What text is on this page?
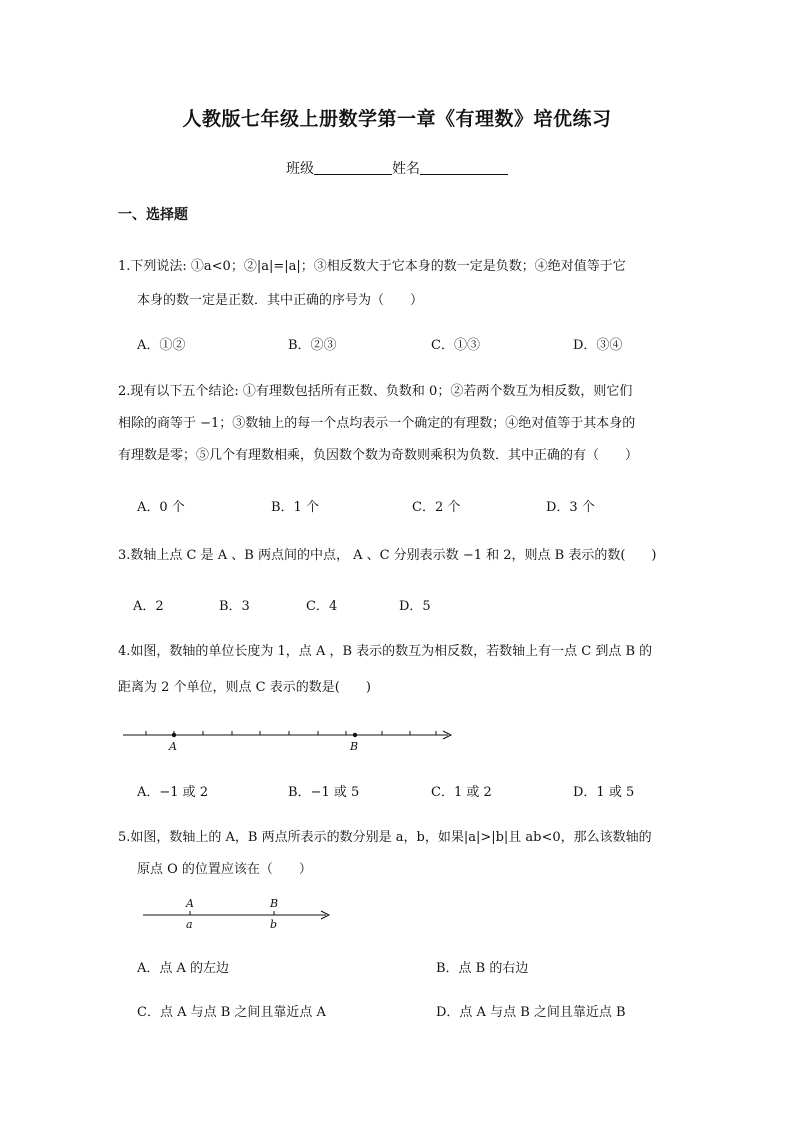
人教版七年级上册数学第一章《有理数》培优练习
班级	姓名
一、选择题
1.下列说法: ①a<0；②|a|=|a|；③相反数大于它本身的数一定是负数；④绝对值等于它
本身的数一定是正数．其中正确的序号为（　　）
A．①②	B．②③	C．①③	D．③④
2.现有以下五个结论: ①有理数包括所有正数、负数和 0；②若两个数互为相反数，则它们
相除的商等于 −1；③数轴上的每一个点均表示一个确定的有理数；④绝对值等于其本身的
有理数是零；⑤几个有理数相乘，负因数个数为奇数则乘积为负数．其中正确的有（　　）
A．0 个	B．1 个	C．2 个	D．3 个
3.数轴上点 C 是 A 、B 两点间的中点， A 、C 分别表示数 −1 和 2，则点 B 表示的数(　　)
A．2	B．3	C．4	D．5
4.如图，数轴的单位长度为 1，点 A ，B 表示的数互为相反数，若数轴上有一点 C 到点 B 的
距离为 2 个单位，则点 C 表示的数是(　　)
A	B
A．−1 或 2	B．−1 或 5	C．1 或 2	D．1 或 5
5.如图，数轴上的 A，B 两点所表示的数分别是 a，b，如果|a|>|b|且 ab<0，那么该数轴的
原点 O 的位置应该在（　　）
A	B
a	b
A．点 A 的左边	B．点 B 的右边
C．点 A 与点 B 之间且靠近点 A	D．点 A 与点 B 之间且靠近点 B
